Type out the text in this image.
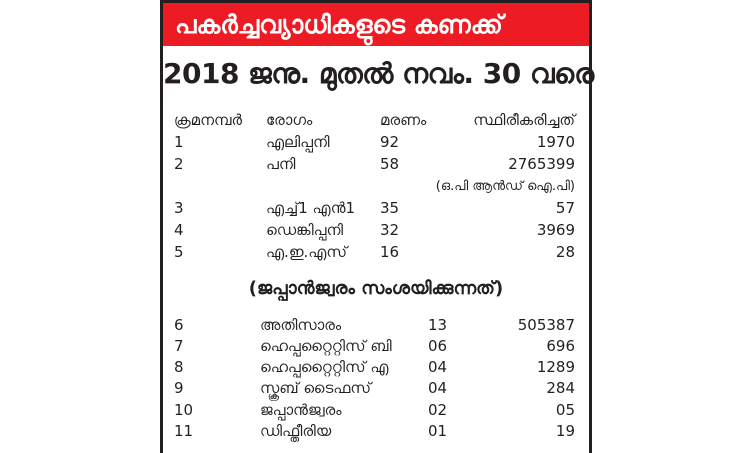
പകർച്ചവ്യാധികളുടെ കണക്ക്
2018 ജനു. മുതൽ നവം. 30 വരെ
ക്രമനമ്പർ രോഗം	മരണം	സ്ഥിരീകരിച്ചത്
1	എലിപ്പനി	92	1970
2	പനി	58	2765399
(ഒ.പി ആൻഡ് ഐ.പി)
3	എച്ച്1 എൻ1 35	57
4	ഡെങ്കിപ്പനി 32	3969
5	എ.ഇ.എസ് 16	28
(ജപ്പാൻജ്വരം സംശയിക്കുന്നത്)
6	അതിസാരം	13	505387
7	ഹെപ്പറ്റൈറ്റിസ് ബി 06	696
8	ഹെപ്പറ്റൈറ്റിസ് എ	04	1289
9	സ്ക്രബ് ടൈഫസ്	04	284
10	ജപ്പാൻജ്വരം	02	05
11	ഡിഫ്തീരിയ	01	19
